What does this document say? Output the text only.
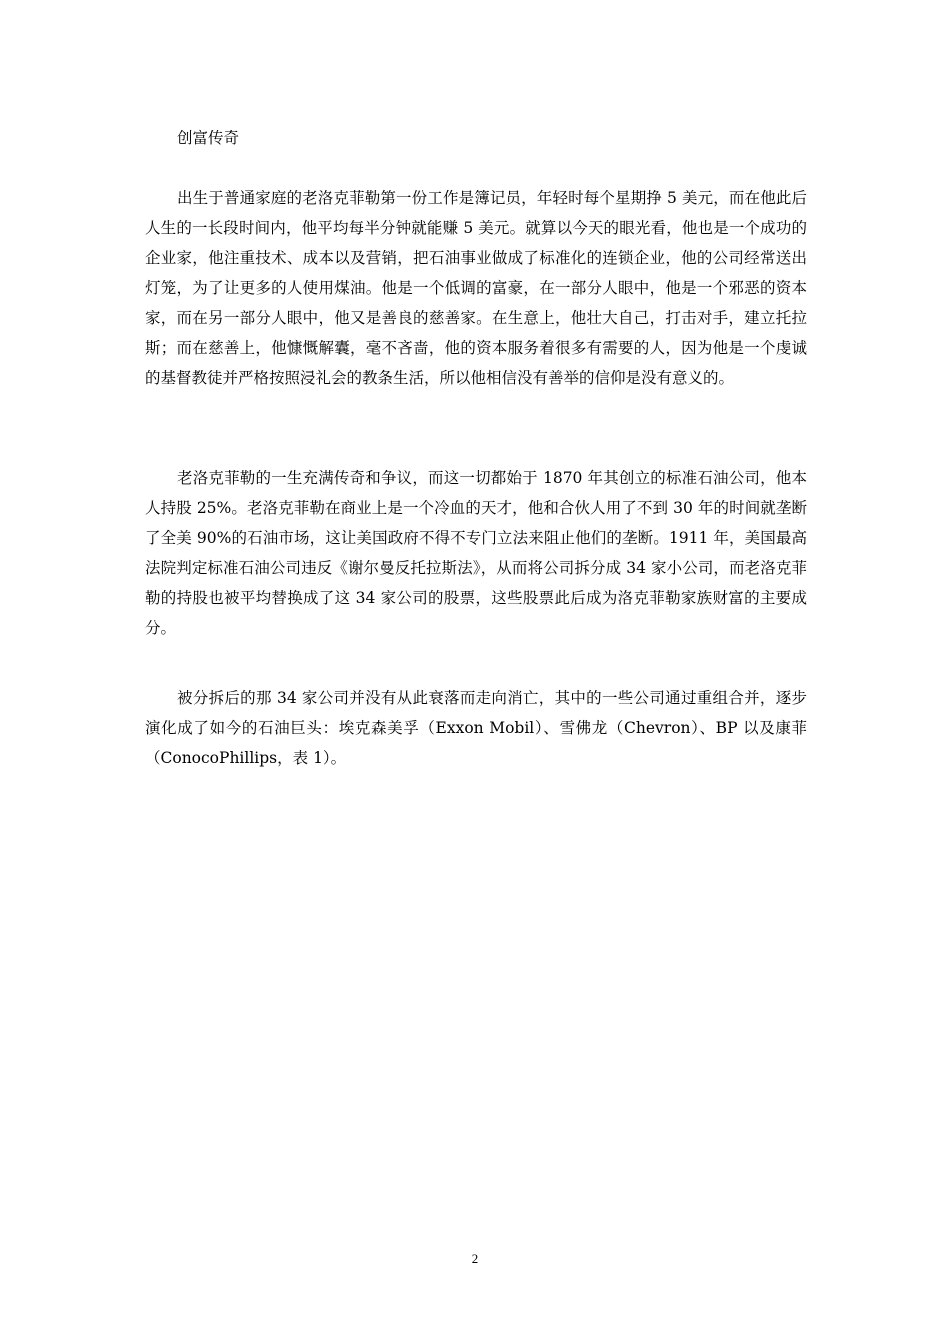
创富传奇

出生于普通家庭的老洛克菲勒第一份工作是簿记员，年轻时每个星期挣 5 美元，而在他此后人生的一长段时间内，他平均每半分钟就能赚 5 美元。就算以今天的眼光看，他也是一个成功的企业家，他注重技术、成本以及营销，把石油事业做成了标准化的连锁企业，他的公司经常送出灯笼，为了让更多的人使用煤油。他是一个低调的富豪，在一部分人眼中，他是一个邪恶的资本家，而在另一部分人眼中，他又是善良的慈善家。在生意上，他壮大自己，打击对手，建立托拉斯；而在慈善上，他慷慨解囊，毫不吝啬，他的资本服务着很多有需要的人，因为他是一个虔诚的基督教徒并严格按照浸礼会的教条生活，所以他相信没有善举的信仰是没有意义的。

老洛克菲勒的一生充满传奇和争议，而这一切都始于 1870 年其创立的标准石油公司，他本人持股 25%。老洛克菲勒在商业上是一个冷血的天才，他和合伙人用了不到 30 年的时间就垄断了全美 90%的石油市场，这让美国政府不得不专门立法来阻止他们的垄断。1911 年，美国最高法院判定标准石油公司违反《谢尔曼反托拉斯法》，从而将公司拆分成 34 家小公司，而老洛克菲勒的持股也被平均替换成了这 34 家公司的股票，这些股票此后成为洛克菲勒家族财富的主要成分。

被分拆后的那 34 家公司并没有从此衰落而走向消亡，其中的一些公司通过重组合并，逐步演化成了如今的石油巨头：埃克森美孚（Exxon Mobil）、雪佛龙（Chevron）、BP 以及康菲（ConocoPhillips，表 1）。

2
